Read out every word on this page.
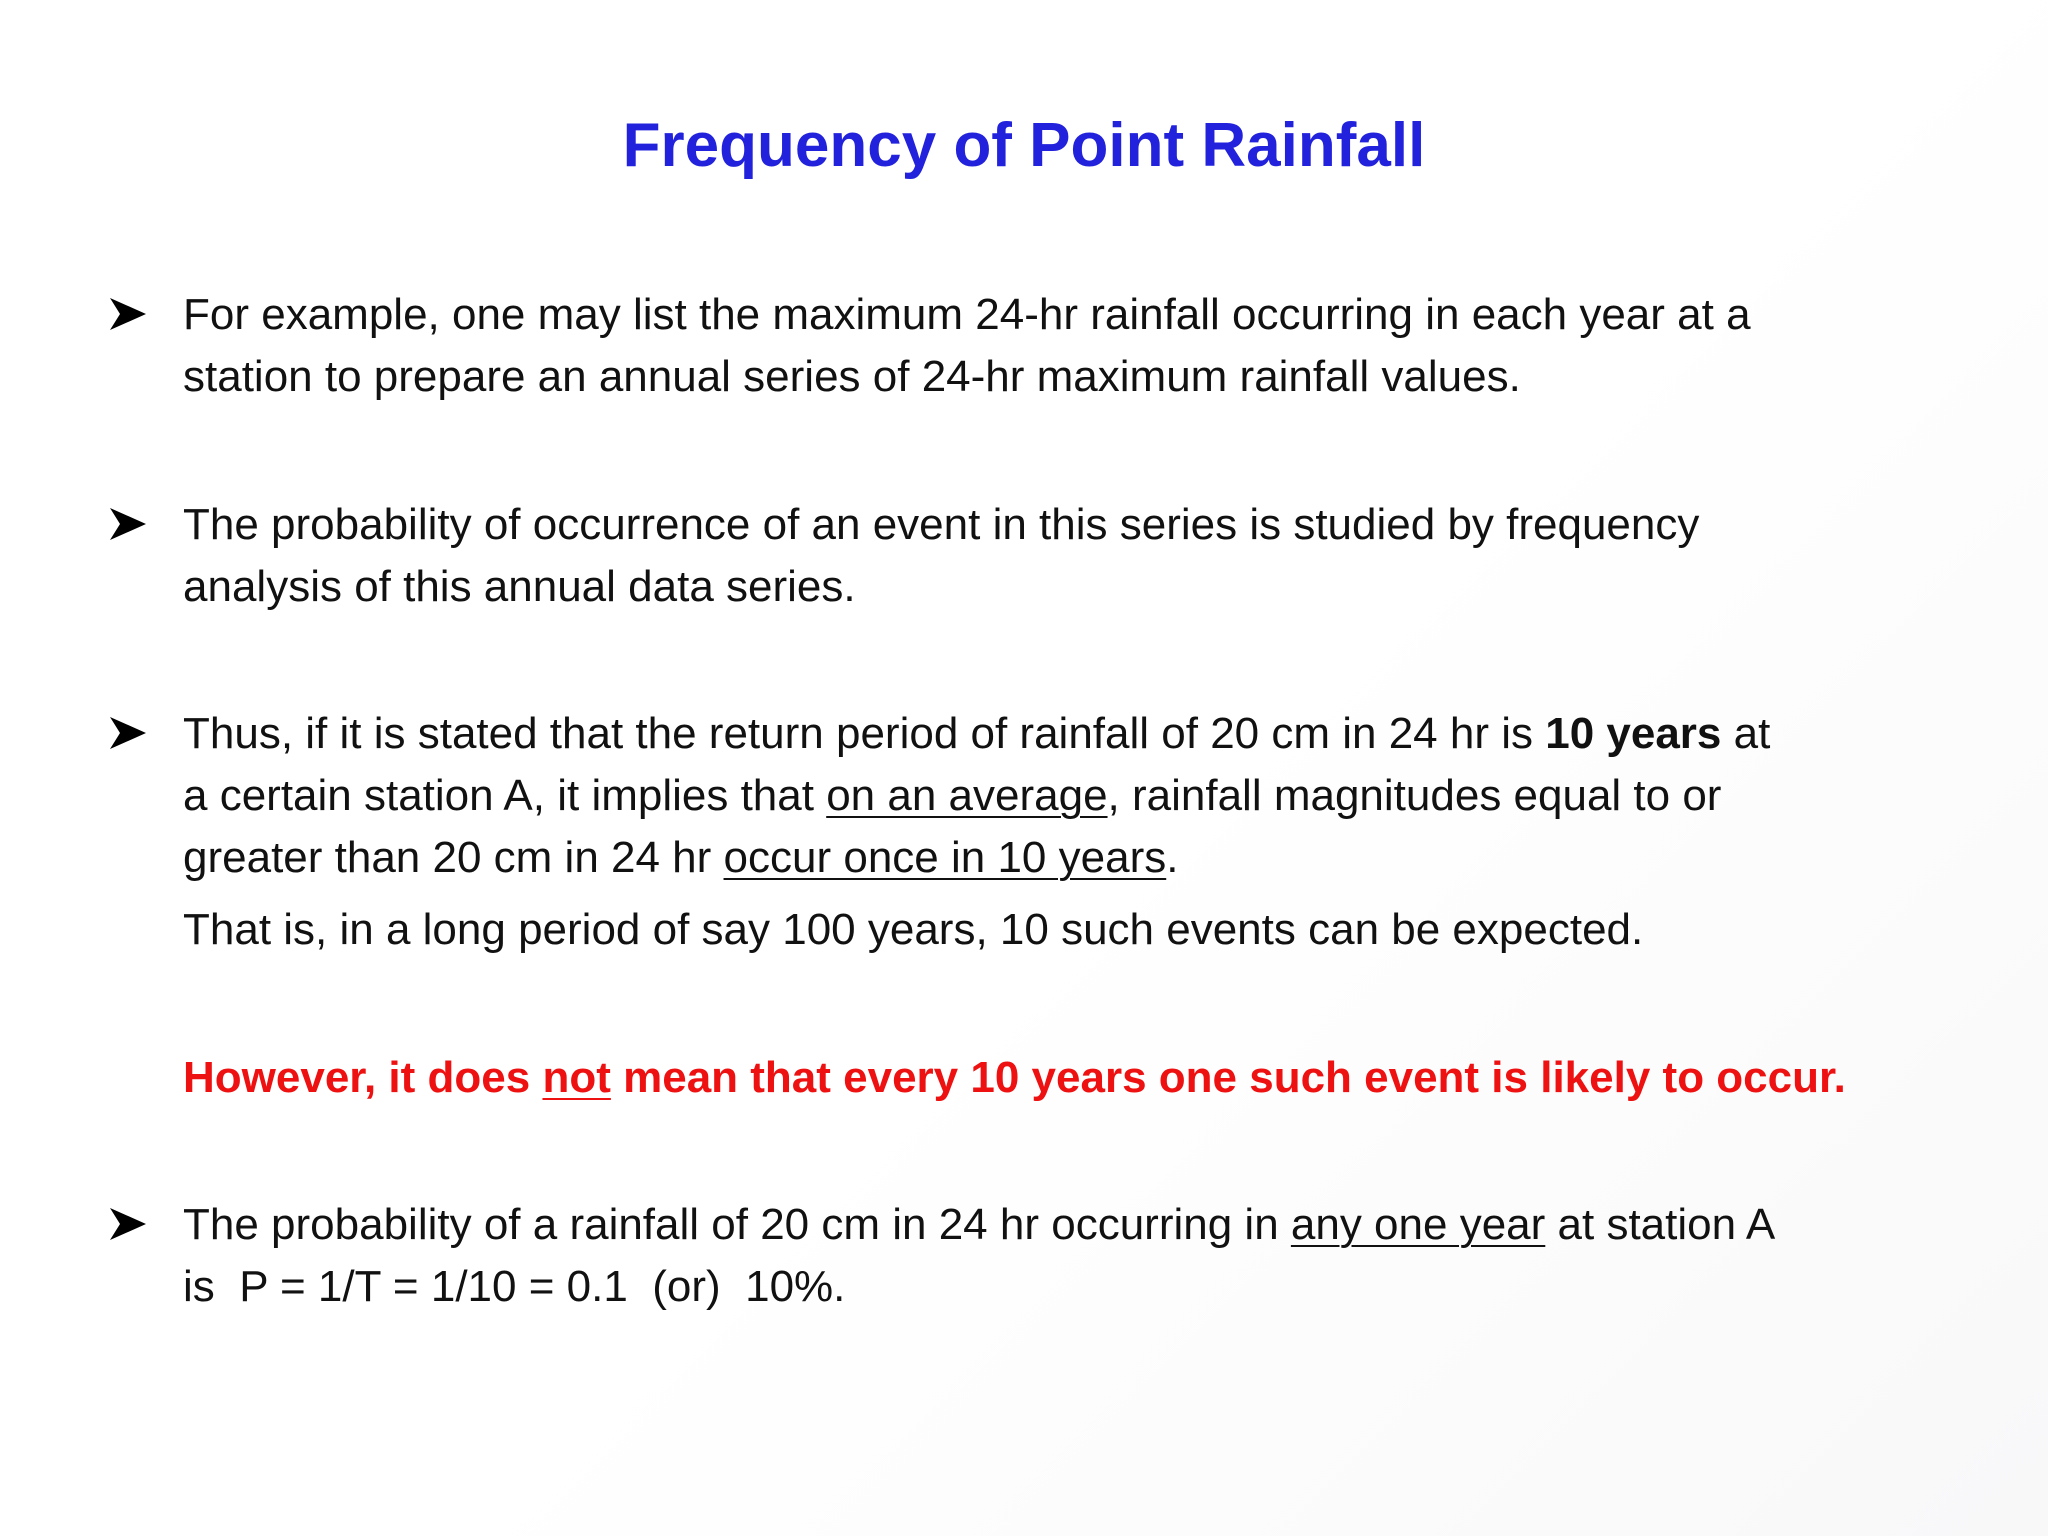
Frequency of Point Rainfall
For example, one may list the maximum 24-hr rainfall occurring in each year at a
station to prepare an annual series of 24-hr maximum rainfall values.
The probability of occurrence of an event in this series is studied by frequency
analysis of this annual data series.
Thus, if it is stated that the return period of rainfall of 20 cm in 24 hr is 10 years at
a certain station A, it implies that on an average, rainfall magnitudes equal to or
greater than 20 cm in 24 hr occur once in 10 years.
That is, in a long period of say 100 years, 10 such events can be expected.
However, it does not mean that every 10 years one such event is likely to occur.
The probability of a rainfall of 20 cm in 24 hr occurring in any one year at station A
is  P = 1/T = 1/10 = 0.1  (or)  10%.
